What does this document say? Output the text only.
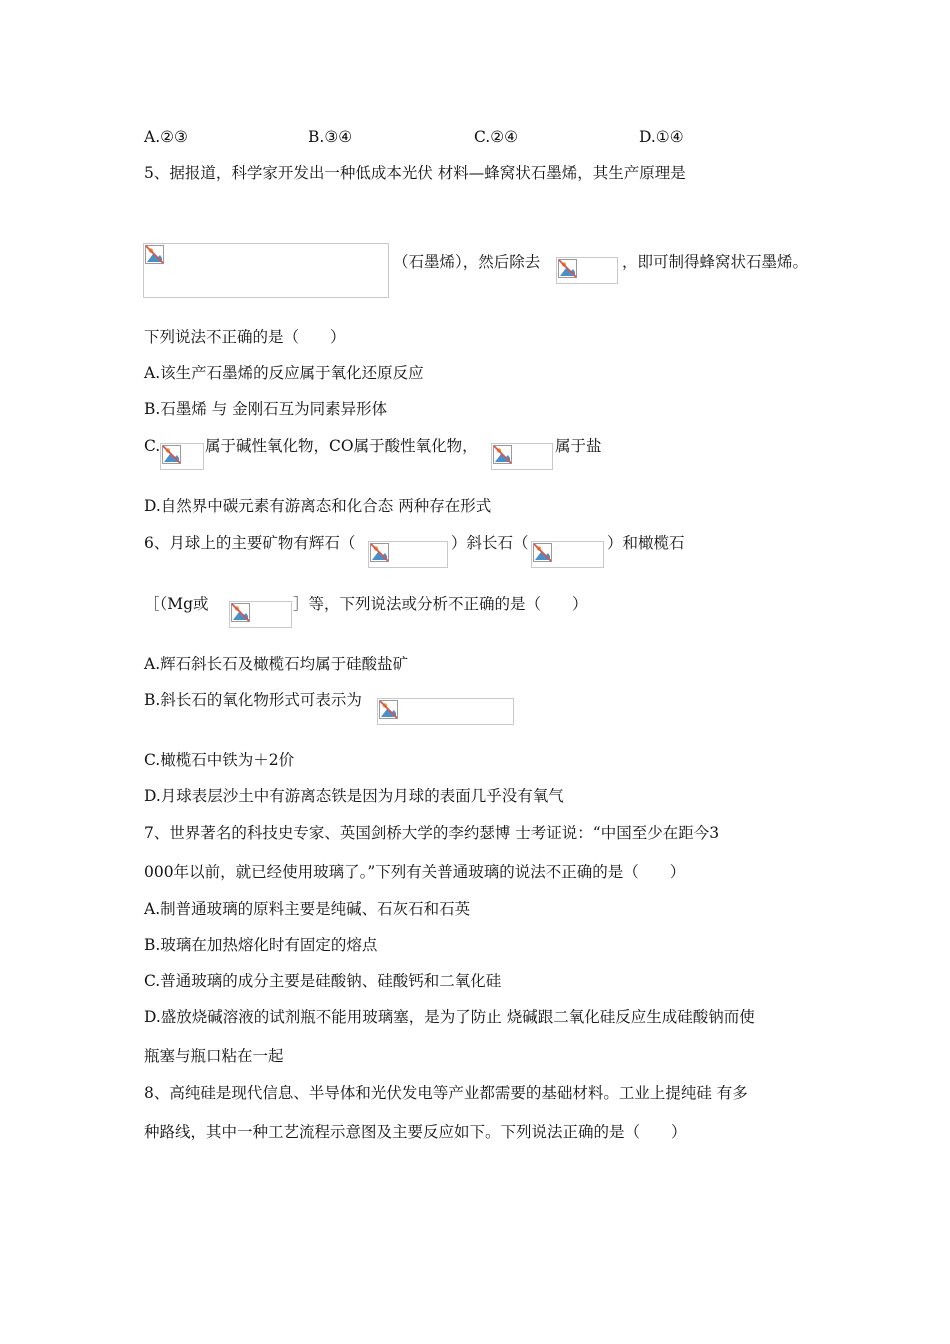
A.②③	B.③④	C.②④	D.①④
5、据报道，科学家开发出一种低成本光伏 材料—蜂窝状石墨烯，其生产原理是
（石墨烯），然后除去	，即可制得蜂窝状石墨烯。
下列说法不正确的是（　　）
A.该生产石墨烯的反应属于氧化还原反应
B.石墨烯 与 金刚石互为同素异形体
C.	属于碱性氧化物，CO属于酸性氧化物，	属于盐
D.自然界中碳元素有游离态和化合态 两种存在形式
6、月球上的主要矿物有辉石（	）斜长石（	）和橄榄石
［（Mg或	］等，下列说法或分析不正确的是（　　）
A.辉石斜长石及橄榄石均属于硅酸盐矿
B.斜长石的氧化物形式可表示为
C.橄榄石中铁为＋2价
D.月球表层沙土中有游离态铁是因为月球的表面几乎没有氧气
7、世界著名的科技史专家、英国剑桥大学的李约瑟博 士考证说：“中国至少在距今3
000年以前，就已经使用玻璃了。”下列有关普通玻璃的说法不正确的是（　　）
A.制普通玻璃的原料主要是纯碱、石灰石和石英
B.玻璃在加热熔化时有固定的熔点
C.普通玻璃的成分主要是硅酸钠、硅酸钙和二氧化硅
D.盛放烧碱溶液的试剂瓶不能用玻璃塞，是为了防止 烧碱跟二氧化硅反应生成硅酸钠而使
瓶塞与瓶口粘在一起
8、高纯硅是现代信息、半导体和光伏发电等产业都需要的基础材料。工业上提纯硅 有多
种路线，其中一种工艺流程示意图及主要反应如下。下列说法正确的是（　　）
